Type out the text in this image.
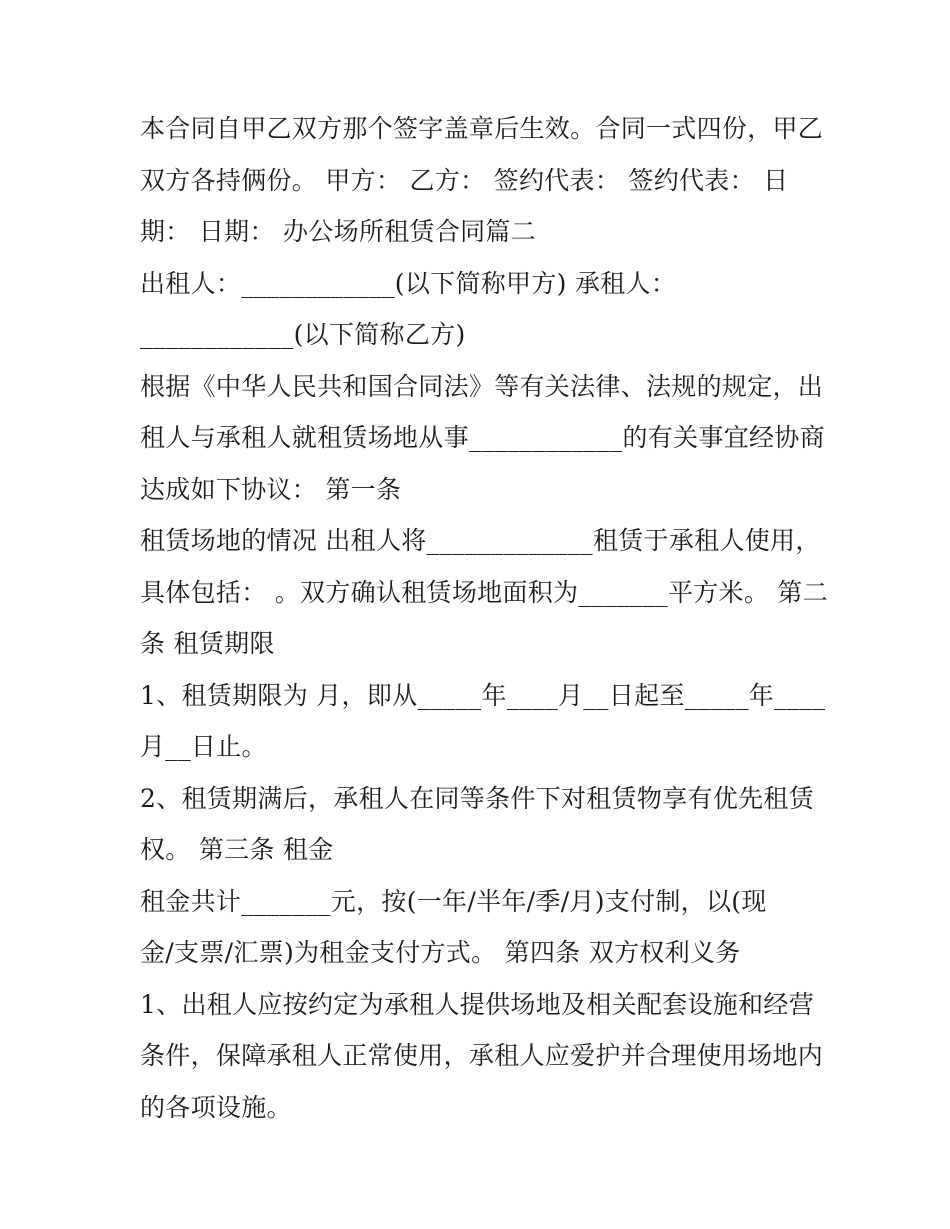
本合同自甲乙双方那个签字盖章后生效。合同一式四份，甲乙
双方各持俩份。 甲方： 乙方： 签约代表： 签约代表： 日
期： 日期： 办公场所租赁合同篇二
出租人：____________(以下简称甲方) 承租人：
____________(以下简称乙方)
根据《中华人民共和国合同法》等有关法律、法规的规定，出
租人与承租人就租赁场地从事____________的有关事宜经协商
达成如下协议： 第一条
租赁场地的情况 出租人将_____________租赁于承租人使用，
具体包括： 。双方确认租赁场地面积为_______平方米。 第二
条 租赁期限
1、租赁期限为 月，即从_____年____月__日起至_____年____
月__日止。
2、租赁期满后，承租人在同等条件下对租赁物享有优先租赁
权。 第三条 租金
租金共计_______元，按(一年/半年/季/月)支付制，以(现
金/支票/汇票)为租金支付方式。 第四条 双方权利义务
1、出租人应按约定为承租人提供场地及相关配套设施和经营
条件，保障承租人正常使用，承租人应爱护并合理使用场地内
的各项设施。
